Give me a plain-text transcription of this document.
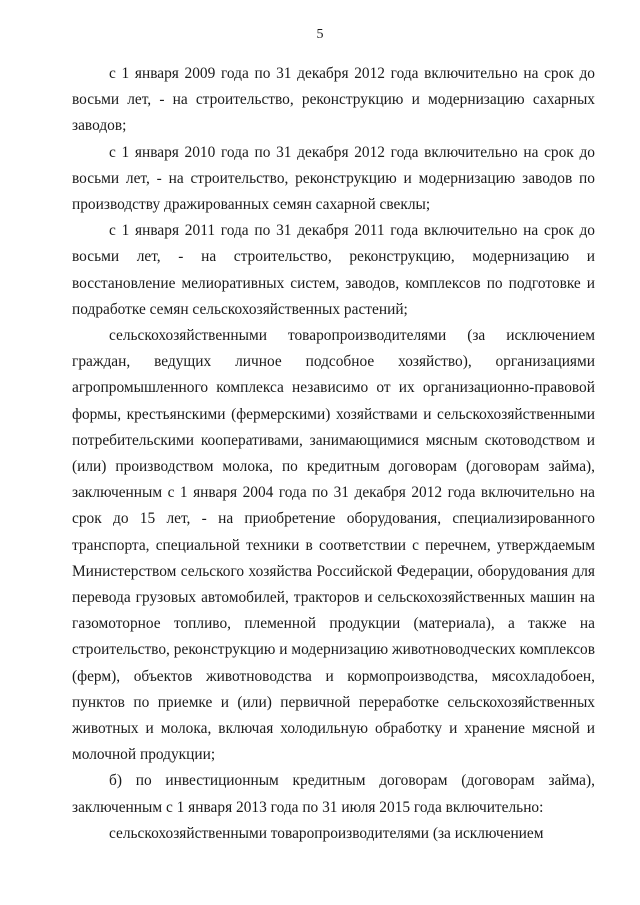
5

с 1 января 2009 года по 31 декабря 2012 года включительно на срок до восьми лет, - на строительство, реконструкцию и модернизацию сахарных заводов;

с 1 января 2010 года по 31 декабря 2012 года включительно на срок до восьми лет, - на строительство, реконструкцию и модернизацию заводов по производству дражированных семян сахарной свеклы;

с 1 января 2011 года по 31 декабря 2011 года включительно на срок до восьми лет, - на строительство, реконструкцию, модернизацию и восстановление мелиоративных систем, заводов, комплексов по подготовке и подработке семян сельскохозяйственных растений;

сельскохозяйственными товаропроизводителями (за исключением граждан, ведущих личное подсобное хозяйство), организациями агропромышленного комплекса независимо от их организационно-правовой формы, крестьянскими (фермерскими) хозяйствами и сельскохозяйственными потребительскими кооперативами, занимающимися мясным скотоводством и (или) производством молока, по кредитным договорам (договорам займа), заключенным с 1 января 2004 года по 31 декабря 2012 года включительно на срок до 15 лет, - на приобретение оборудования, специализированного транспорта, специальной техники в соответствии с перечнем, утверждаемым Министерством сельского хозяйства Российской Федерации, оборудования для перевода грузовых автомобилей, тракторов и сельскохозяйственных машин на газомоторное топливо, племенной продукции (материала), а также на строительство, реконструкцию и модернизацию животноводческих комплексов (ферм), объектов животноводства и кормопроизводства, мясохладобоен, пунктов по приемке и (или) первичной переработке сельскохозяйственных животных и молока, включая холодильную обработку и хранение мясной и молочной продукции;

б) по инвестиционным кредитным договорам (договорам займа), заключенным с 1 января 2013 года по 31 июля 2015 года включительно:

сельскохозяйственными товаропроизводителями (за исключением
